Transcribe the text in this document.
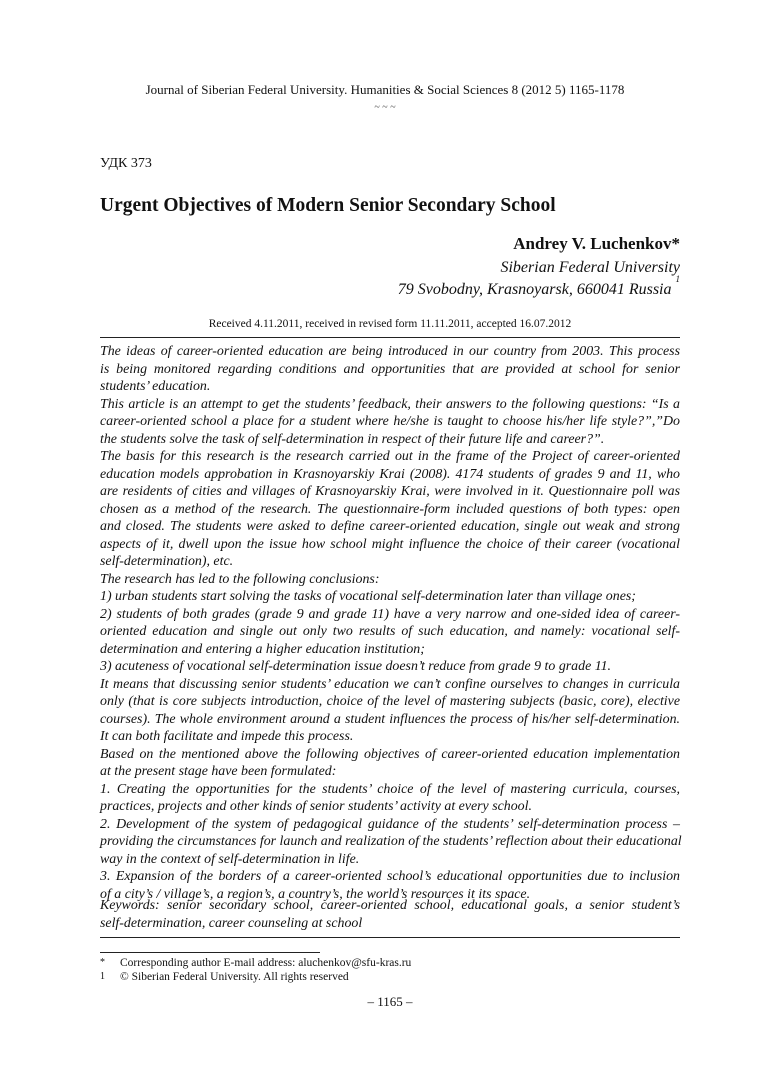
Journal of Siberian Federal University. Humanities & Social Sciences 8 (2012 5) 1165-1178
~ ~ ~
УДК 373
Urgent Objectives of Modern Senior Secondary School
Andrey V. Luchenkov*
Siberian Federal University
79 Svobodny, Krasnoyarsk, 660041 Russia $^1$
Received 4.11.2011, received in revised form 11.11.2011, accepted 16.07.2012
The ideas of career-oriented education are being introduced in our country from 2003. This process
is being monitored regarding conditions and opportunities that are provided at school for senior
students’ education.
This article is an attempt to get the students’ feedback, their answers to the following questions: “Is a
career-oriented school a place for a student where he/she is taught to choose his/her life style?”,”Do
the students solve the task of self-determination in respect of their future life and career?”.
The basis for this research is the research carried out in the frame of the Project of career-oriented
education models approbation in Krasnoyarskiy Krai (2008). 4174 students of grades 9 and 11, who
are residents of cities and villages of Krasnoyarskiy Krai, were involved in it. Questionnaire poll was
chosen as a method of the research. The questionnaire-form included questions of both types: open
and closed. The students were asked to define career-oriented education, single out weak and strong
aspects of it, dwell upon the issue how school might influence the choice of their career (vocational
self-determination), etc.
The research has led to the following conclusions:
1) urban students start solving the tasks of vocational self-determination later than village ones;
2) students of both grades (grade 9 and grade 11) have a very narrow and one-sided idea of career-
oriented education and single out only two results of such education, and namely: vocational self-
determination and entering a higher education institution;
3) acuteness of vocational self-determination issue doesn’t reduce from grade 9 to grade 11.
It means that discussing senior students’ education we can’t confine ourselves to changes in curricula
only (that is core subjects introduction, choice of the level of mastering subjects (basic, core), elective
courses). The whole environment around a student influences the process of his/her self-determination.
It can both facilitate and impede this process.
Based on the mentioned above the following objectives of career-oriented education implementation
at the present stage have been formulated:
1. Creating the opportunities for the students’ choice of the level of mastering curricula, courses,
practices, projects and other kinds of senior students’ activity at every school.
2. Development of the system of pedagogical guidance of the students’ self-determination process –
providing the circumstances for launch and realization of the students’ reflection about their educational
way in the context of self-determination in life.
3. Expansion of the borders of a career-oriented school’s educational opportunities due to inclusion
of a city’s / village’s, a region’s, a country’s, the world’s resources it its space.
Keywords: senior secondary school, career-oriented school, educational goals, a senior student’s
self-determination, career counseling at school
*	Corresponding author E-mail address: aluchenkov@sfu-kras.ru
1	© Siberian Federal University. All rights reserved
– 1165 –
